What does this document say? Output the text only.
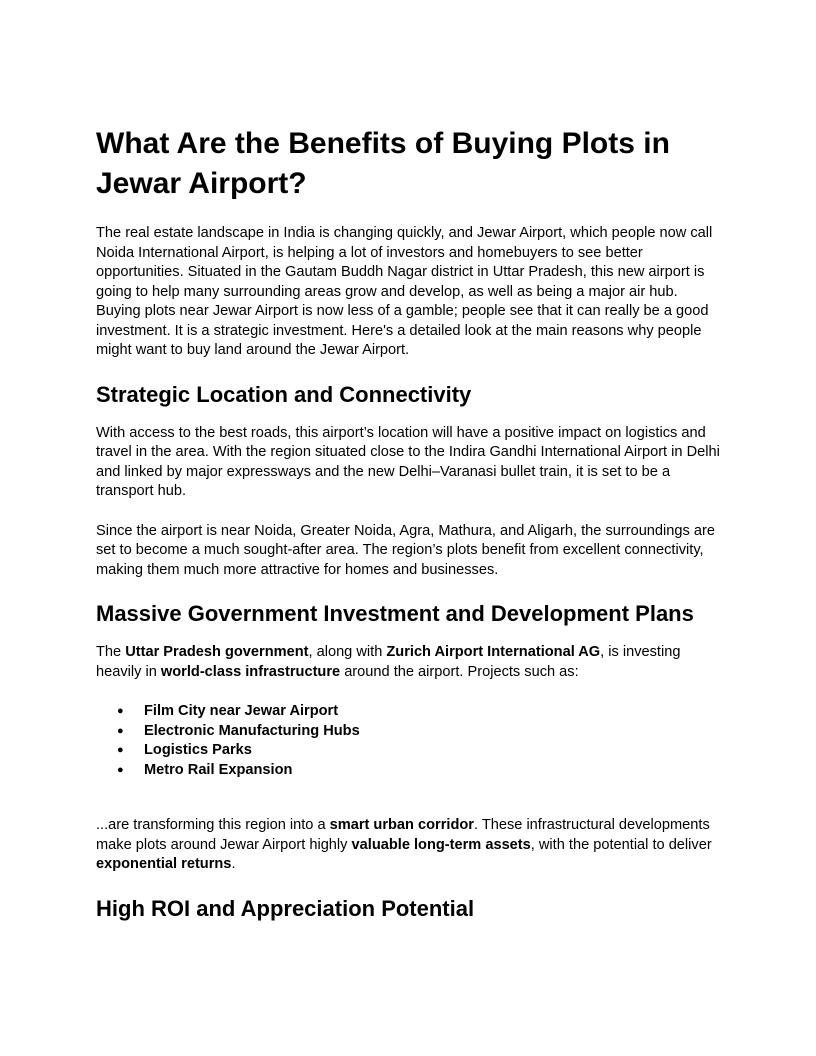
What Are the Benefits of Buying Plots in Jewar Airport?

The real estate landscape in India is changing quickly, and Jewar Airport, which people now call Noida International Airport, is helping a lot of investors and homebuyers to see better opportunities. Situated in the Gautam Buddh Nagar district in Uttar Pradesh, this new airport is going to help many surrounding areas grow and develop, as well as being a major air hub. Buying plots near Jewar Airport is now less of a gamble; people see that it can really be a good investment. It is a strategic investment. Here's a detailed look at the main reasons why people might want to buy land around the Jewar Airport.

Strategic Location and Connectivity

With access to the best roads, this airport’s location will have a positive impact on logistics and travel in the area. With the region situated close to the Indira Gandhi International Airport in Delhi and linked by major expressways and the new Delhi–Varanasi bullet train, it is set to be a transport hub.

Since the airport is near Noida, Greater Noida, Agra, Mathura, and Aligarh, the surroundings are set to become a much sought-after area. The region’s plots benefit from excellent connectivity, making them much more attractive for homes and businesses.

Massive Government Investment and Development Plans

The Uttar Pradesh government, along with Zurich Airport International AG, is investing heavily in world-class infrastructure around the airport. Projects such as:

● Film City near Jewar Airport
● Electronic Manufacturing Hubs
● Logistics Parks
● Metro Rail Expansion

...are transforming this region into a smart urban corridor. These infrastructural developments make plots around Jewar Airport highly valuable long-term assets, with the potential to deliver exponential returns.

High ROI and Appreciation Potential
